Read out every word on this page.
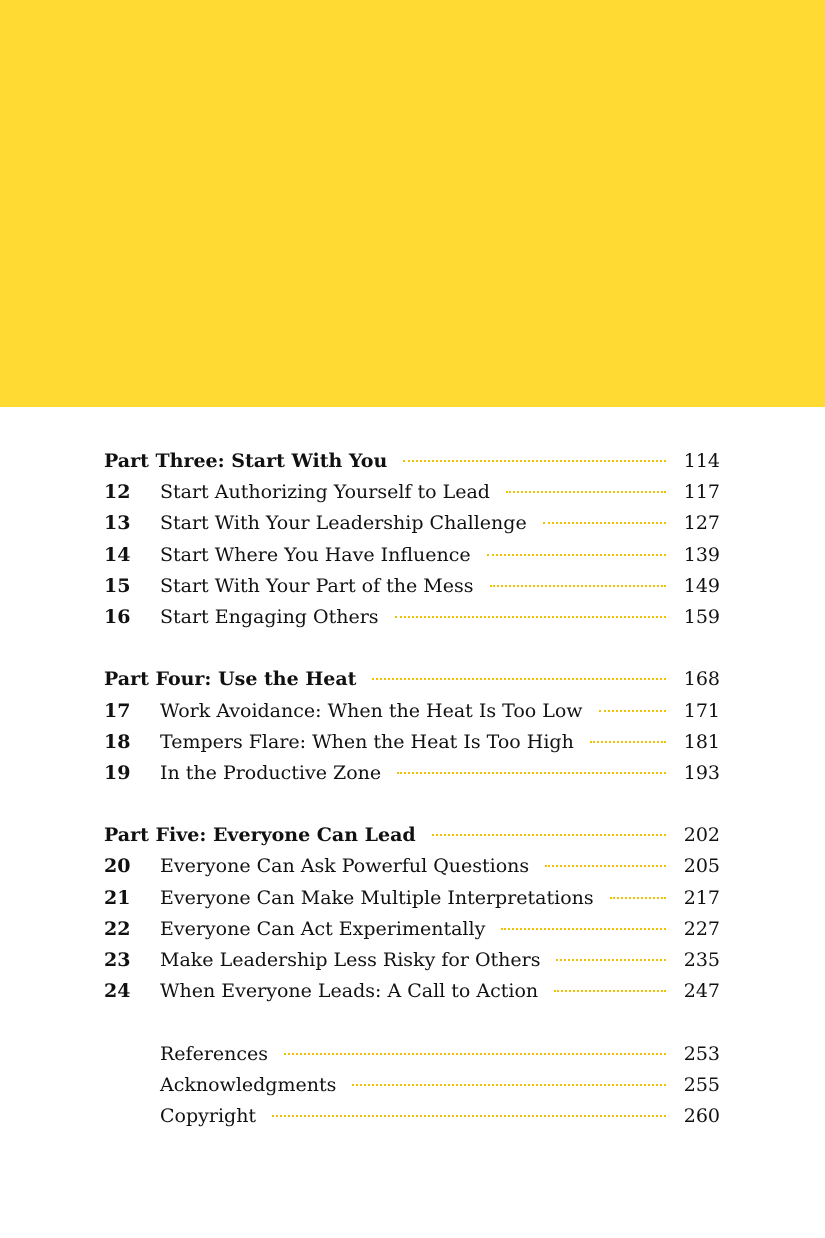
Part Three: Start With You	114
12	Start Authorizing Yourself to Lead	117
13	Start With Your Leadership Challenge	127
14	Start Where You Have Influence	139
15	Start With Your Part of the Mess	149
16	Start Engaging Others	159
Part Four: Use the Heat	168
17	Work Avoidance: When the Heat Is Too Low	171
18	Tempers Flare: When the Heat Is Too High	181
19	In the Productive Zone	193
Part Five: Everyone Can Lead	202
20	Everyone Can Ask Powerful Questions	205
21	Everyone Can Make Multiple Interpretations	217
22	Everyone Can Act Experimentally	227
23	Make Leadership Less Risky for Others	235
24	When Everyone Leads: A Call to Action	247
References	253
Acknowledgments	255
Copyright	260
